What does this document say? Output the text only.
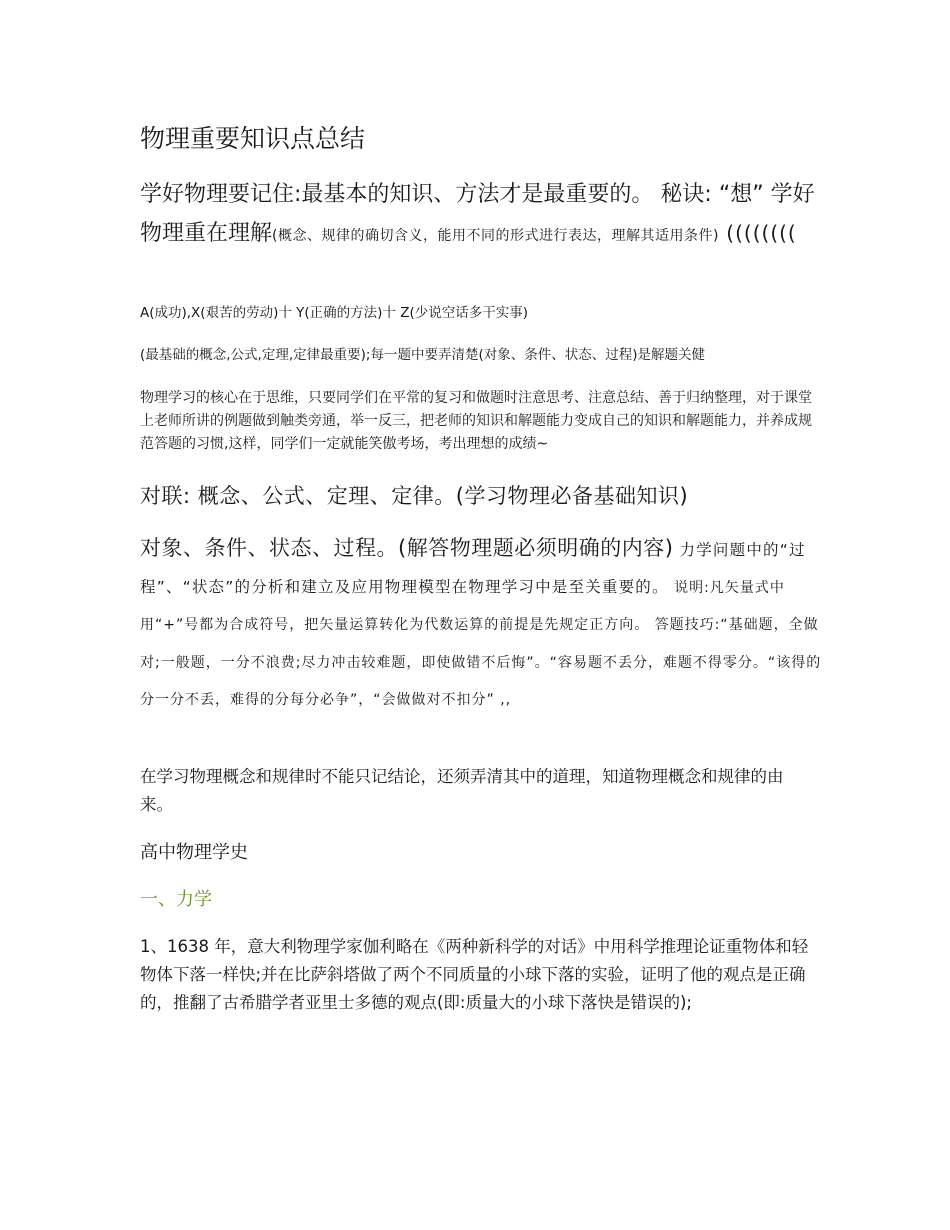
物理重要知识点总结
学好物理要记住:最基本的知识、方法才是最重要的。 秘诀: “想” 学好物理重在理解(概念、规律的确切含义，能用不同的形式进行表达，理解其适用条件) ((((((((
A(成功),X(艰苦的劳动)十 Y(正确的方法)十 Z(少说空话多干实事)
(最基础的概念,公式,定理,定律最重要);每一题中要弄清楚(对象、条件、状态、过程)是解题关健
物理学习的核心在于思维，只要同学们在平常的复习和做题时注意思考、注意总结、善于归纳整理，对于课堂上老师所讲的例题做到触类旁通，举一反三，把老师的知识和解题能力变成自己的知识和解题能力，并养成规范答题的习惯,这样，同学们一定就能笑傲考场，考出理想的成绩~
对联: 概念、公式、定理、定律。(学习物理必备基础知识)
对象、条件、状态、过程。(解答物理题必须明确的内容) 力学问题中的“过程”、“状态”的分析和建立及应用物理模型在物理学习中是至关重要的。 说明:凡矢量式中用“+”号都为合成符号，把矢量运算转化为代数运算的前提是先规定正方向。 答题技巧:“基础题，全做对;一般题，一分不浪费;尽力冲击较难题，即使做错不后悔”。“容易题不丢分，难题不得零分。“该得的分一分不丢，难得的分每分必争”，“会做做对不扣分” ,,
在学习物理概念和规律时不能只记结论，还须弄清其中的道理，知道物理概念和规律的由来。
高中物理学史
一、力学
1、1638 年，意大利物理学家伽利略在《两种新科学的对话》中用科学推理论证重物体和轻物体下落一样快;并在比萨斜塔做了两个不同质量的小球下落的实验，证明了他的观点是正确的，推翻了古希腊学者亚里士多德的观点(即:质量大的小球下落快是错误的);
